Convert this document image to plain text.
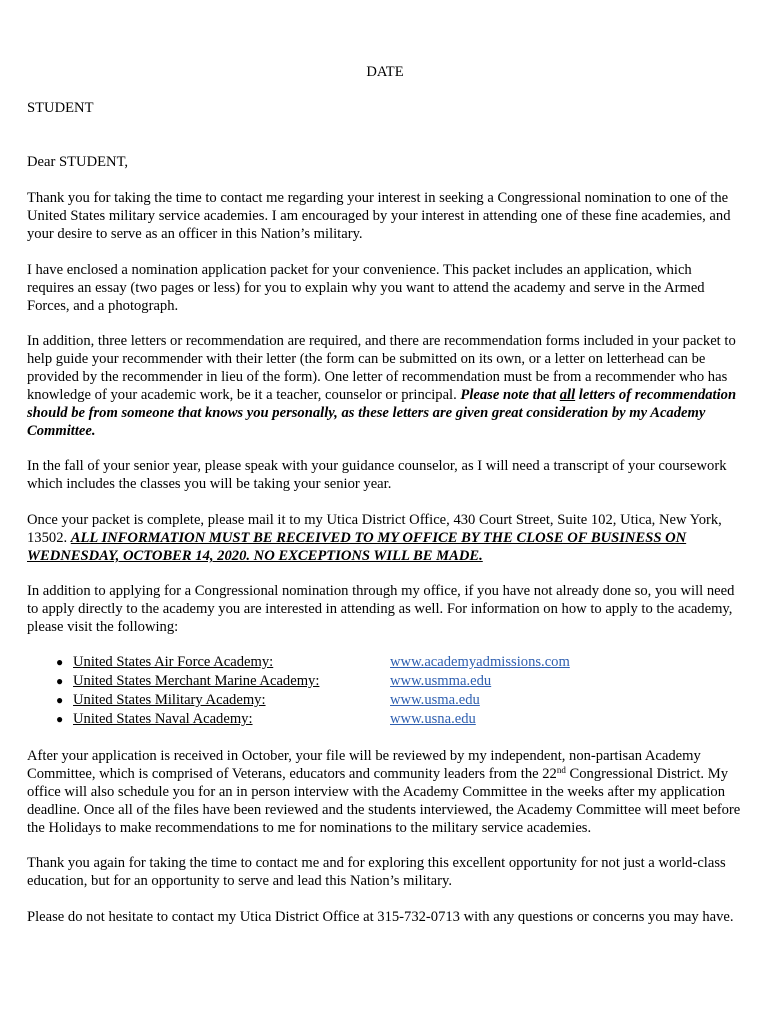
DATE

STUDENT

Dear STUDENT,

Thank you for taking the time to contact me regarding your interest in seeking a Congressional nomination to one of the United States military service academies. I am encouraged by your interest in attending one of these fine academies, and your desire to serve as an officer in this Nation’s military.

I have enclosed a nomination application packet for your convenience. This packet includes an application, which requires an essay (two pages or less) for you to explain why you want to attend the academy and serve in the Armed Forces, and a photograph.

In addition, three letters or recommendation are required, and there are recommendation forms included in your packet to help guide your recommender with their letter (the form can be submitted on its own, or a letter on letterhead can be provided by the recommender in lieu of the form). One letter of recommendation must be from a recommender who has knowledge of your academic work, be it a teacher, counselor or principal. Please note that all letters of recommendation should be from someone that knows you personally, as these letters are given great consideration by my Academy Committee.

In the fall of your senior year, please speak with your guidance counselor, as I will need a transcript of your coursework which includes the classes you will be taking your senior year.

Once your packet is complete, please mail it to my Utica District Office, 430 Court Street, Suite 102, Utica, New York, 13502. ALL INFORMATION MUST BE RECEIVED TO MY OFFICE BY THE CLOSE OF BUSINESS ON WEDNESDAY, OCTOBER 14, 2020. NO EXCEPTIONS WILL BE MADE.

In addition to applying for a Congressional nomination through my office, if you have not already done so, you will need to apply directly to the academy you are interested in attending as well. For information on how to apply to the academy, please visit the following:

● United States Air Force Academy:	www.academyadmissions.com
● United States Merchant Marine Academy:	www.usmma.edu
● United States Military Academy:	www.usma.edu
● United States Naval Academy:	www.usna.edu

After your application is received in October, your file will be reviewed by my independent, non-partisan Academy Committee, which is comprised of Veterans, educators and community leaders from the 22nd Congressional District. My office will also schedule you for an in person interview with the Academy Committee in the weeks after my application deadline. Once all of the files have been reviewed and the students interviewed, the Academy Committee will meet before the Holidays to make recommendations to me for nominations to the military service academies.

Thank you again for taking the time to contact me and for exploring this excellent opportunity for not just a world-class education, but for an opportunity to serve and lead this Nation’s military.

Please do not hesitate to contact my Utica District Office at 315-732-0713 with any questions or concerns you may have.
